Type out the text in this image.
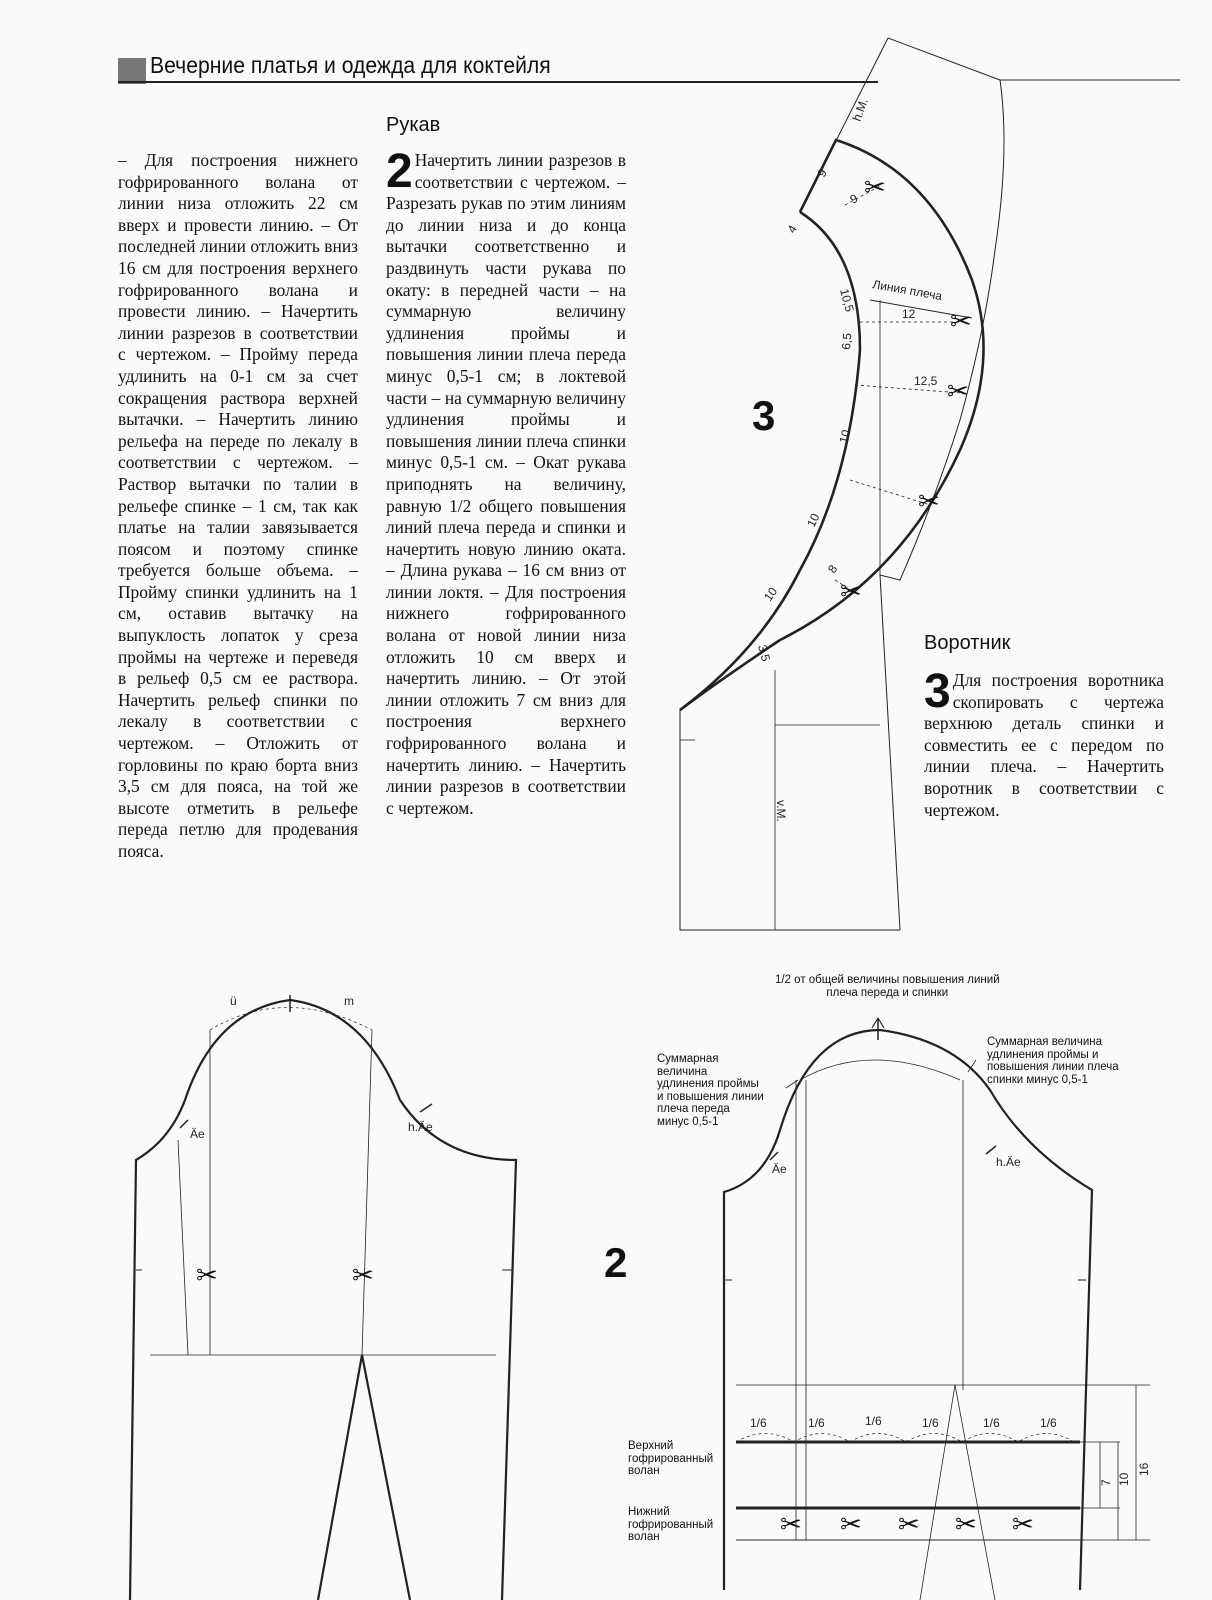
Вечерние платья и одежда для коктейля

– Для построения нижнего гофрированного волана от линии низа отложить 22 см вверх и провести линию. – От последней линии отложить вниз 16 см для построения верхнего гофрированного волана и провести линию. – Начертить линии разрезов в соответствии с чертежом. – Пройму переда удлинить на 0-1 см за счет сокращения раствора верхней вытачки. – Начертить линию рельефа на переде по лекалу в соответствии с чертежом. – Раствор вытачки по талии в рельефе спинке – 1 см, так как платье на талии завязывается поясом и поэтому спинке требуется больше объема. – Пройму спинки удлинить на 1 см, оставив вытачку на выпуклость лопаток у среза проймы на чертеже и переведя в рельеф 0,5 см ее раствора. Начертить рельеф спинки по лекалу в соответствии с чертежом. – Отложить от горловины по краю борта вниз 3,5 см для пояса, на той же высоте отметить в рельефе переда петлю для продевания пояса.

Рукав
2 Начертить линии разрезов в соответствии с чертежом. – Разрезать рукав по этим линиям до линии низа и до конца вытачки соответственно и раздвинуть части рукава по окату: в передней части – на суммарную величину удлинения проймы и повышения линии плеча переда минус 0,5-1 см; в локтевой части – на суммарную величину удлинения проймы и повышения линии плеча спинки минус 0,5-1 см. – Окат рукава приподнять на величину, равную 1/2 общего повышения линий плеча переда и спинки и начертить новую линию оката. – Длина рукава – 16 см вниз от линии локтя. – Для построения нижнего гофрированного волана от новой линии низа отложить 10 см вверх и начертить линию. – От этой линии отложить 7 см вниз для построения верхнего гофрированного волана и начертить линию. – Начертить линии разрезов в соответствии с чертежом.

Воротник
3 Для построения воротника скопировать с чертежа верхнюю деталь спинки и совместить ее с передом по линии плеча. – Начертить воротник в соответствии с чертежом.

h.M.
Линия плеча
9
9
4
10,5
12
6,5
12,5
10
10
10
8
3,5
v.M.
✂
✂
✂
✂
✂
✂	✂
✂ ✂ ✂ ✂ ✂
3
Äe	h.Äe
ü	m
2
Äe	h.Äe
1/6	1/6	1/6	1/6	1/6	1/6
7 10
16
1/2 от общей величины повышения линий
плеча переда и спинки
Суммарная
величина
удлинения проймы
и повышения линии
плеча переда
минус 0,5-1
Суммарная величина
удлинения проймы и
повышения линии плеча
спинки минус 0,5-1
Верхний
гофрированный
волан
Нижний
гофрированный
волан
